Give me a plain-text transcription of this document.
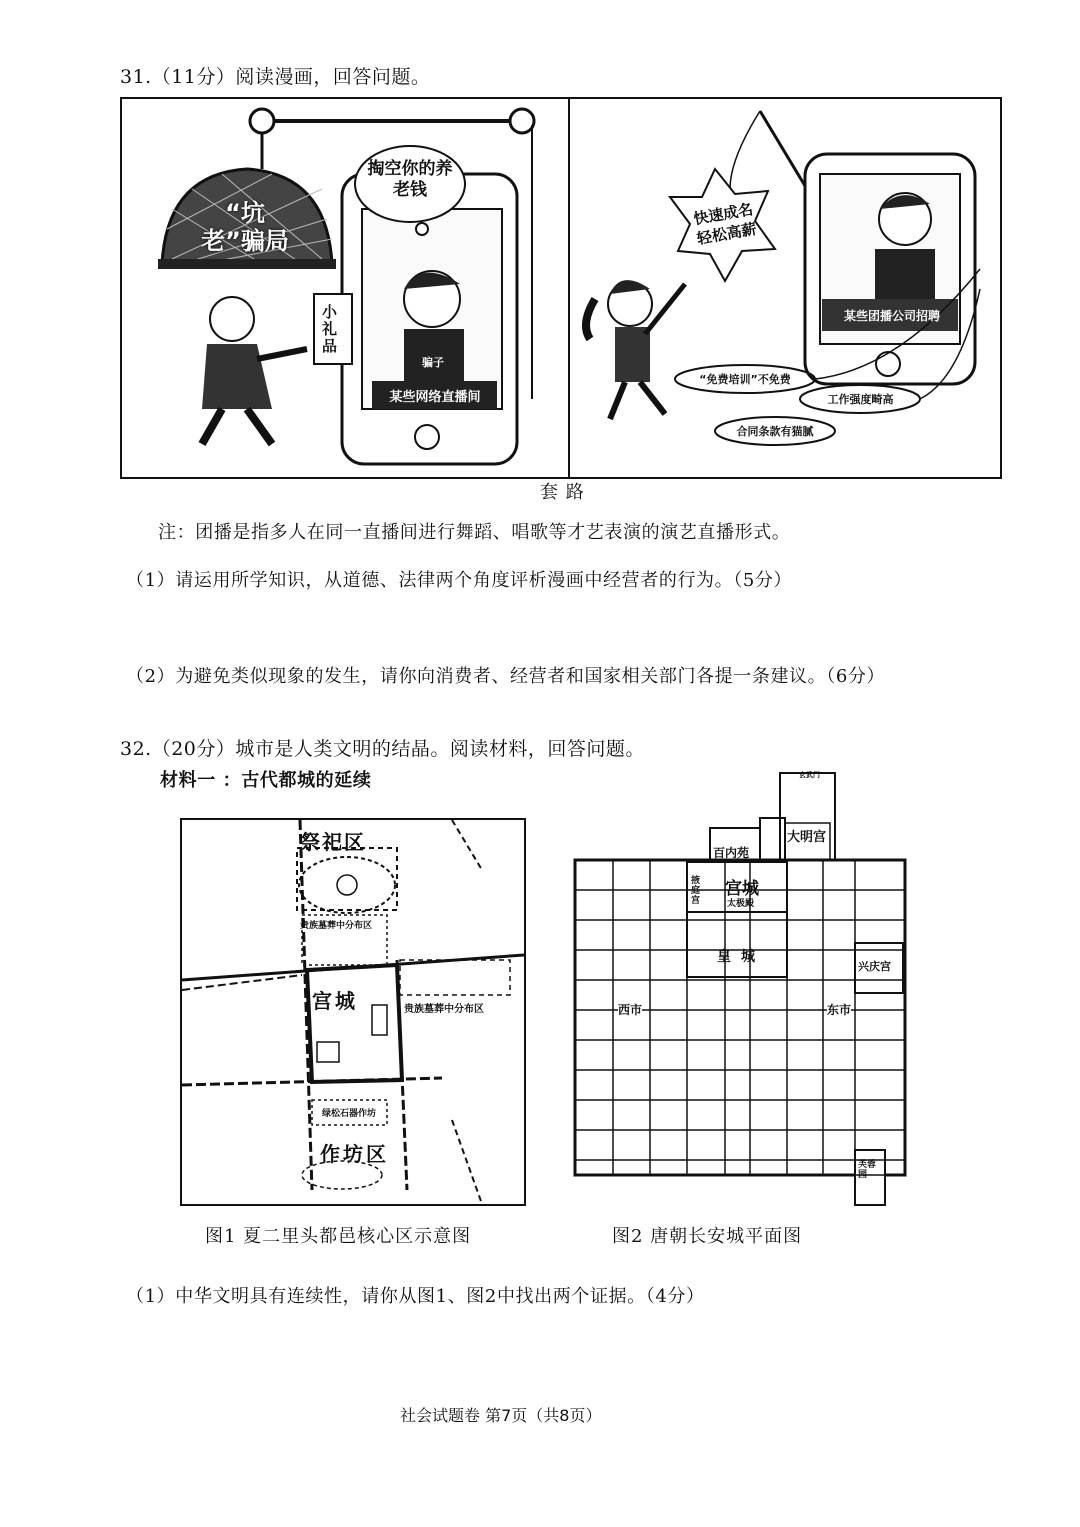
31.（11分）阅读漫画，回答问题。
“坑老”骗局
掏空你的养老钱
小礼品
骗子
某些网络直播间
快速成名轻松高薪
某些团播公司招聘
“免费培训”不免费
工作强度畸高
合同条款有猫腻
套 路
注：团播是指多人在同一直播间进行舞蹈、唱歌等才艺表演的演艺直播形式。
（1）请运用所学知识，从道德、法律两个角度评析漫画中经营者的行为。（5分）
（2）为避免类似现象的发生，请你向消费者、经营者和国家相关部门各提一条建议。（6分）
32.（20分）城市是人类文明的结晶。阅读材料，回答问题。
材料一 ：古代都城的延续
祭祀区
贵族墓葬中分布区
宫城	贵族墓葬中分布区
绿松石器作坊
作坊区
图1 夏二里头都邑核心区示意图
玄武门
百内苑
大明宫
宫城
太极殿
掖庭宫
皇城
西市	东市
兴庆宫
芙蓉园
图2 唐朝长安城平面图
（1）中华文明具有连续性，请你从图1、图2中找出两个证据。（4分）
社会试题卷 第7页（共8页）
